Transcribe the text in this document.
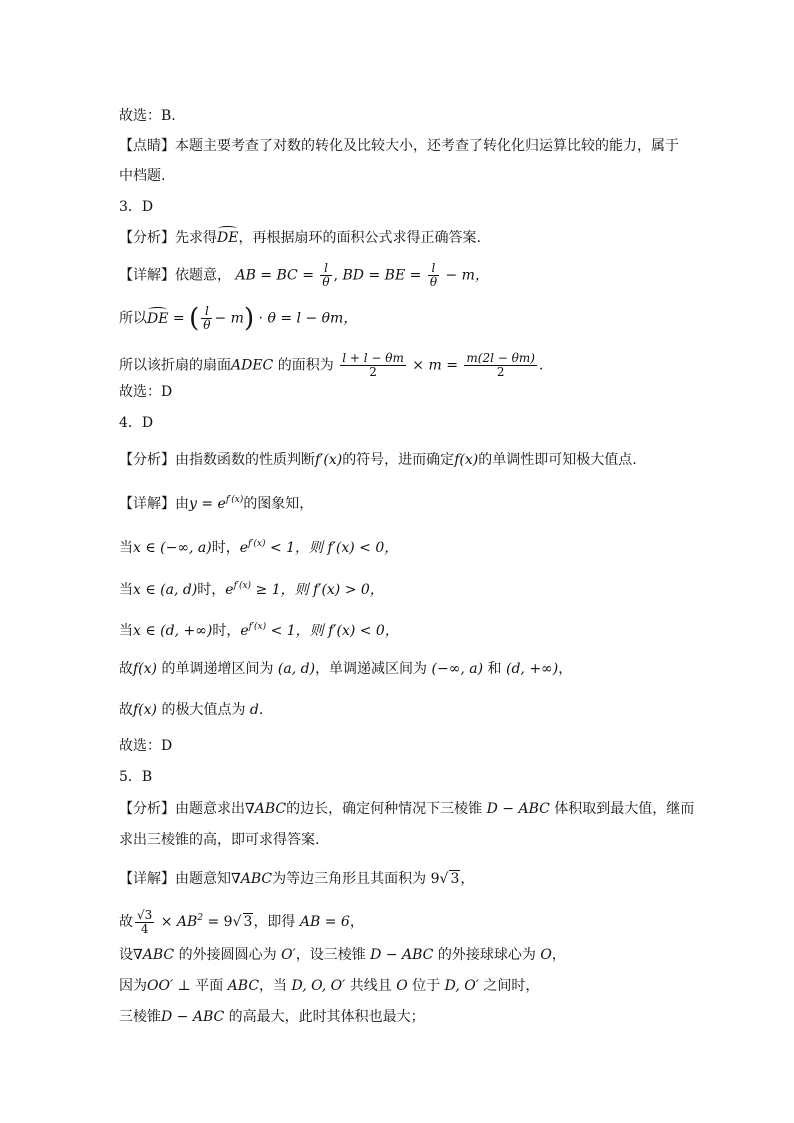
故选：B.
【点睛】本题主要考查了对数的转化及比较大小，还考查了转化化归运算比较的能力，属于
中档题.
3．D
【分析】先求得DE，再根据扇环的面积公式求得正确答案.
【详解】依题意， AB = BC = $\frac{l}{\theta}$ , BD = BE = $\frac{l}{\theta} - m$，
所以DE = ( $\frac{l}{\theta} - m) \cdot \theta = l - \theta m$，
所以该折扇的扇面ADEC 的面积为 $\frac{l + l - \theta m}{2} \times m = \frac{m(2l - \theta m)}{2}$ .
故选：D
4．D
【分析】由指数函数的性质判断f′(x)的符号，进而确定f(x)的单调性即可知极大值点.
【详解】由$y = e^{f'(x)}$的图象知，
当x ∈ (−∞, a)时，$e^{f'(x)} < 1$，则 f′(x) < 0，
当x ∈ (a, d)时，$e^{f'(x)} \ge 1$，则 f′(x) > 0，
当x ∈ (d, +∞)时，$e^{f'(x)} < 1$，则 f′(x) < 0，
故f(x) 的单调递增区间为 (a, d)，单调递减区间为 (−∞, a) 和 (d, +∞)，
故f(x) 的极大值点为 d.
故选：D
5．B
【分析】由题意求出∇ABC的边长，确定何种情况下三棱锥 D − ABC 体积取到最大值，继而
求出三棱锥的高，即可求得答案.
【详解】由题意知∇ABC为等边三角形且其面积为 9√ 3，
故 $\frac{√3}{4} \times AB^2 = 9√$ 3，即得 AB = 6，
设∇ABC 的外接圆圆心为 O′，设三棱锥 D − ABC 的外接球球心为 O，
因为OO′ ⊥ 平面 ABC，当 D, O, O′ 共线且 O 位于 D, O′ 之间时，
三棱锥D − ABC 的高最大，此时其体积也最大；
